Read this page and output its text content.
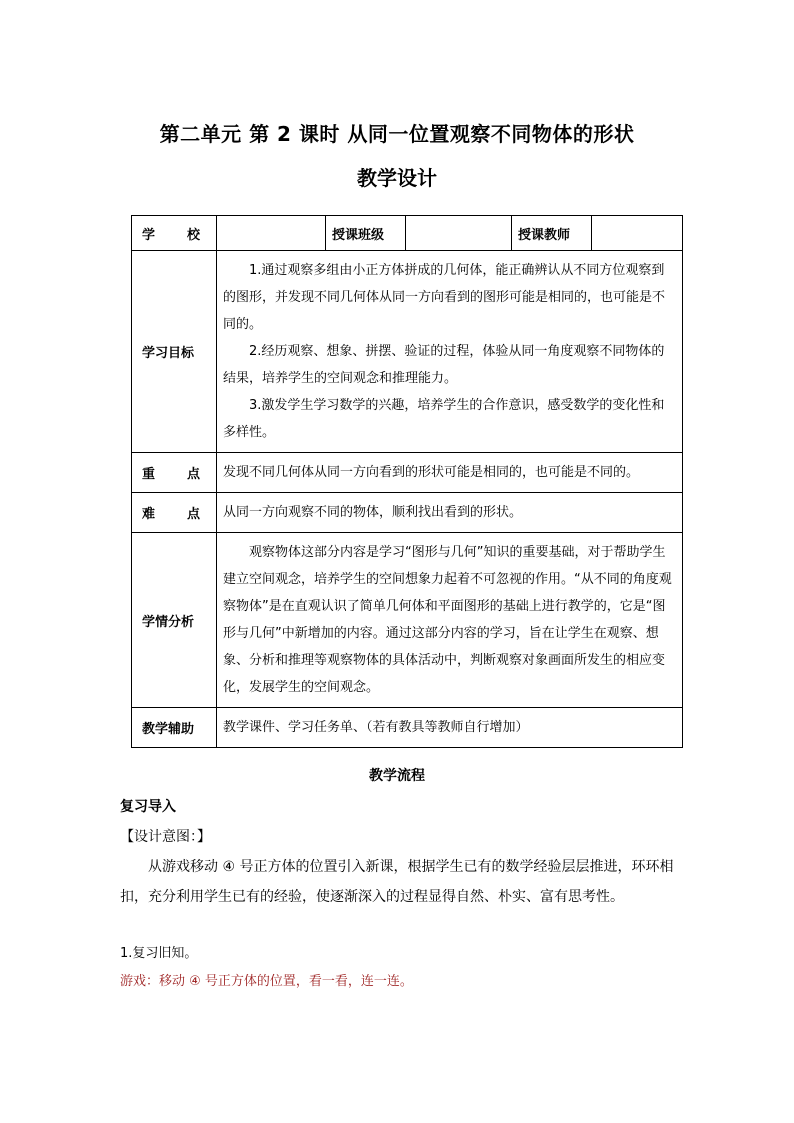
第二单元 第 2 课时 从同一位置观察不同物体的形状
教学设计
学 校		授课班级		授课教师	
学习目标	1.通过观察多组由小正方体拼成的几何体，能正确辨认从不同方位观察到的图形，并发现不同几何体从同一方向看到的图形可能是相同的，也可能是不同的。
2.经历观察、想象、拼摆、验证的过程，体验从同一角度观察不同物体的结果，培养学生的空间观念和推理能力。
3.激发学生学习数学的兴趣，培养学生的合作意识，感受数学的变化性和多样性。				

重 点	发现不同几何体从同一方向看到的形状可能是相同的，也可能是不同的。				

难 点	从同一方向观察不同的物体，顺利找出看到的形状。				
学情分析	观察物体这部分内容是学习“图形与几何”知识的重要基础，对于帮助学生建立空间观念，培养学生的空间想象力起着不可忽视的作用。“从不同的角度观察物体”是在直观认识了简单几何体和平面图形的基础上进行教学的，它是“图形与几何”中新增加的内容。通过这部分内容的学习，旨在让学生在观察、想象、分析和推理等观察物体的具体活动中，判断观察对象画面所发生的相应变化，发展学生的空间观念。				
教学辅助	教学课件、学习任务单、（若有教具等教师自行增加）				
教学流程
复习导入
【设计意图：】
从游戏移动 ④ 号正方体的位置引入新课，根据学生已有的数学经验层层推进，环环相扣，充分利用学生已有的经验，使逐渐深入的过程显得自然、朴实、富有思考性。
1.复习旧知。
游戏：移动 ④ 号正方体的位置，看一看，连一连。
